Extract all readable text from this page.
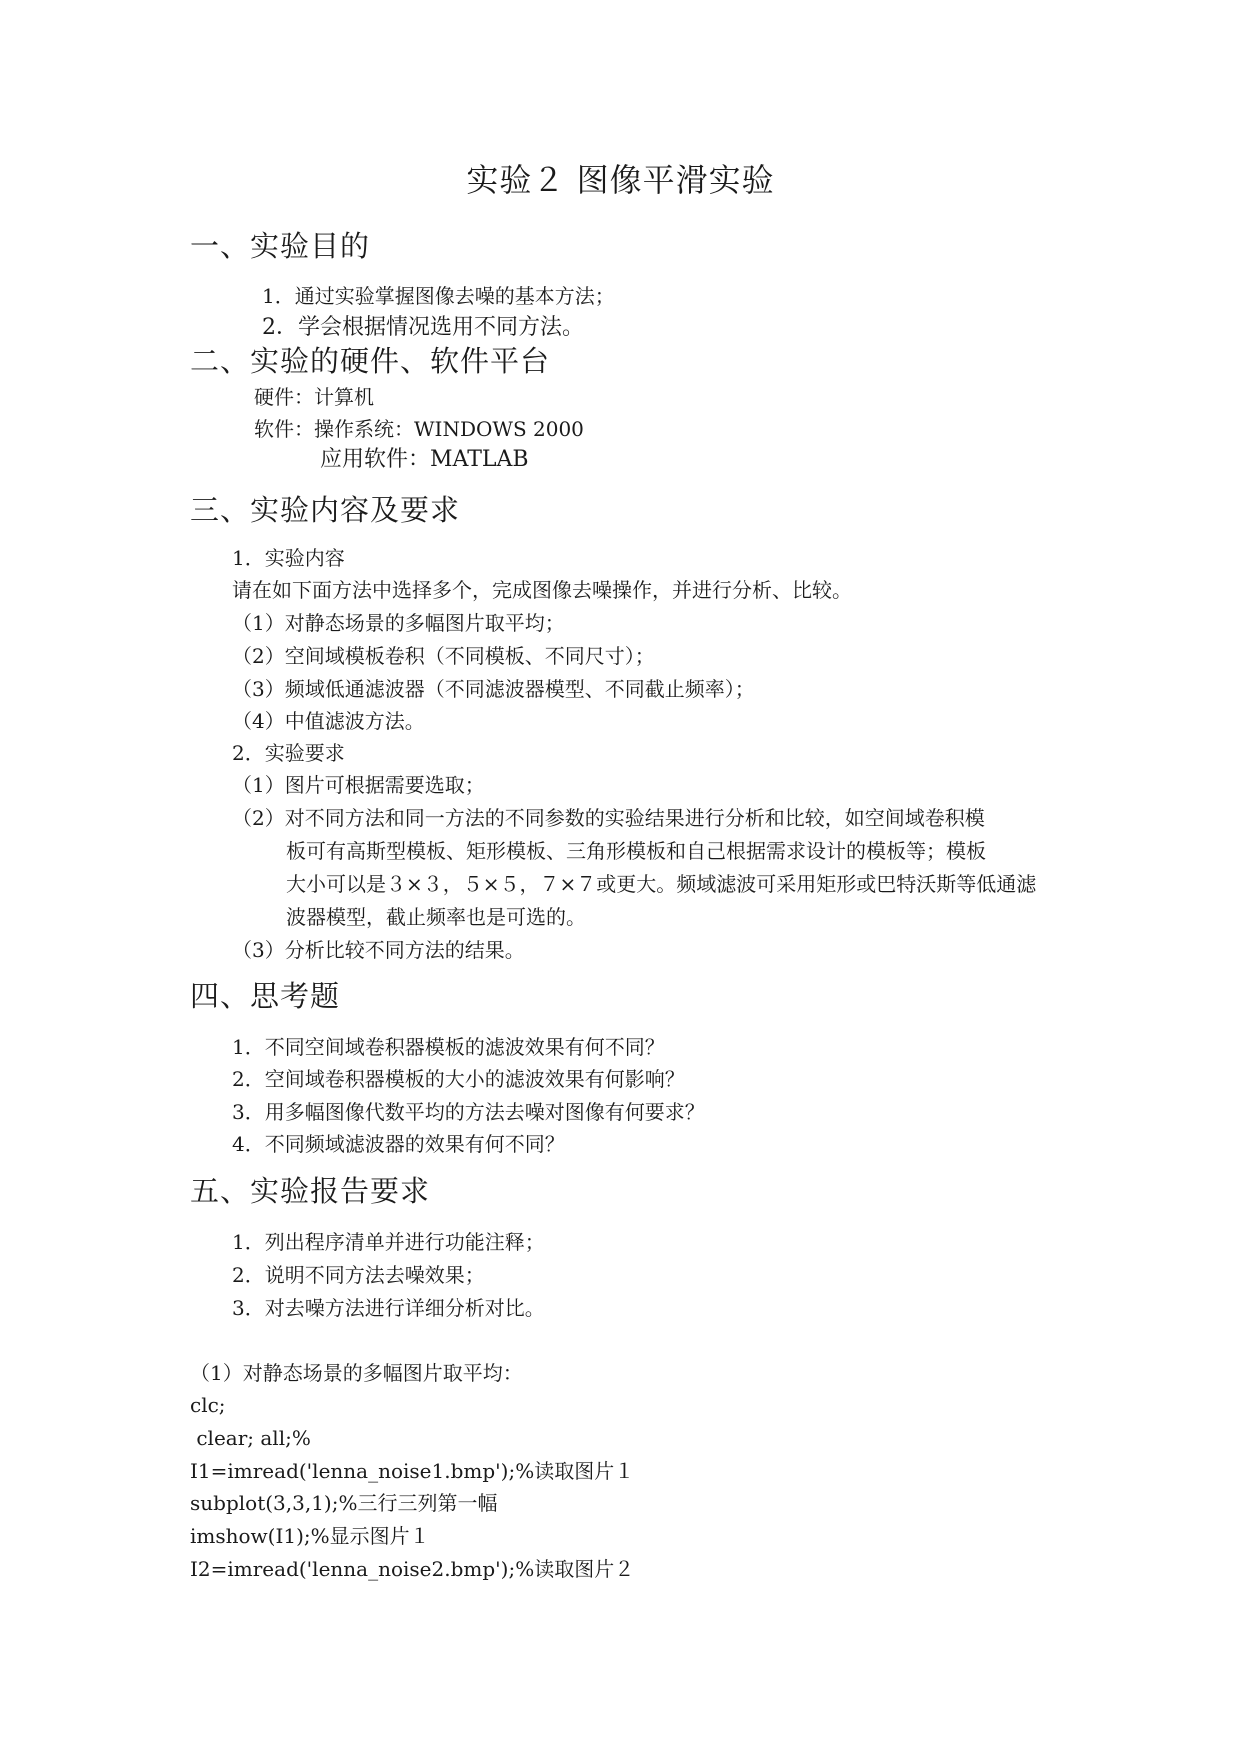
实验２ 图像平滑实验
一、实验目的
1．通过实验掌握图像去噪的基本方法；
2．学会根据情况选用不同方法。
二、实验的硬件、软件平台
硬件：计算机
软件：操作系统：WINDOWS 2000
应用软件：MATLAB
三、实验内容及要求
1．实验内容
请在如下面方法中选择多个，完成图像去噪操作，并进行分析、比较。
（1）对静态场景的多幅图片取平均；
（2）空间域模板卷积（不同模板、不同尺寸）；
（3）频域低通滤波器（不同滤波器模型、不同截止频率）；
（4）中值滤波方法。
2．实验要求
（1）图片可根据需要选取；
（2）对不同方法和同一方法的不同参数的实验结果进行分析和比较，如空间域卷积模
板可有高斯型模板、矩形模板、三角形模板和自己根据需求设计的模板等；模板
大小可以是３×３，５×５，７×７或更大。频域滤波可采用矩形或巴特沃斯等低通滤
波器模型，截止频率也是可选的。
（3）分析比较不同方法的结果。
四、思考题
1．不同空间域卷积器模板的滤波效果有何不同？
2．空间域卷积器模板的大小的滤波效果有何影响？
3．用多幅图像代数平均的方法去噪对图像有何要求？
4．不同频域滤波器的效果有何不同？
五、实验报告要求
1．列出程序清单并进行功能注释；
2．说明不同方法去噪效果；
3．对去噪方法进行详细分析对比。
（1）对静态场景的多幅图片取平均：
clc;
clear; all;%
I1=imread('lenna_noise1.bmp');%读取图片１
subplot(3,3,1);%三行三列第一幅
imshow(I1);%显示图片１
I2=imread('lenna_noise2.bmp');%读取图片２
